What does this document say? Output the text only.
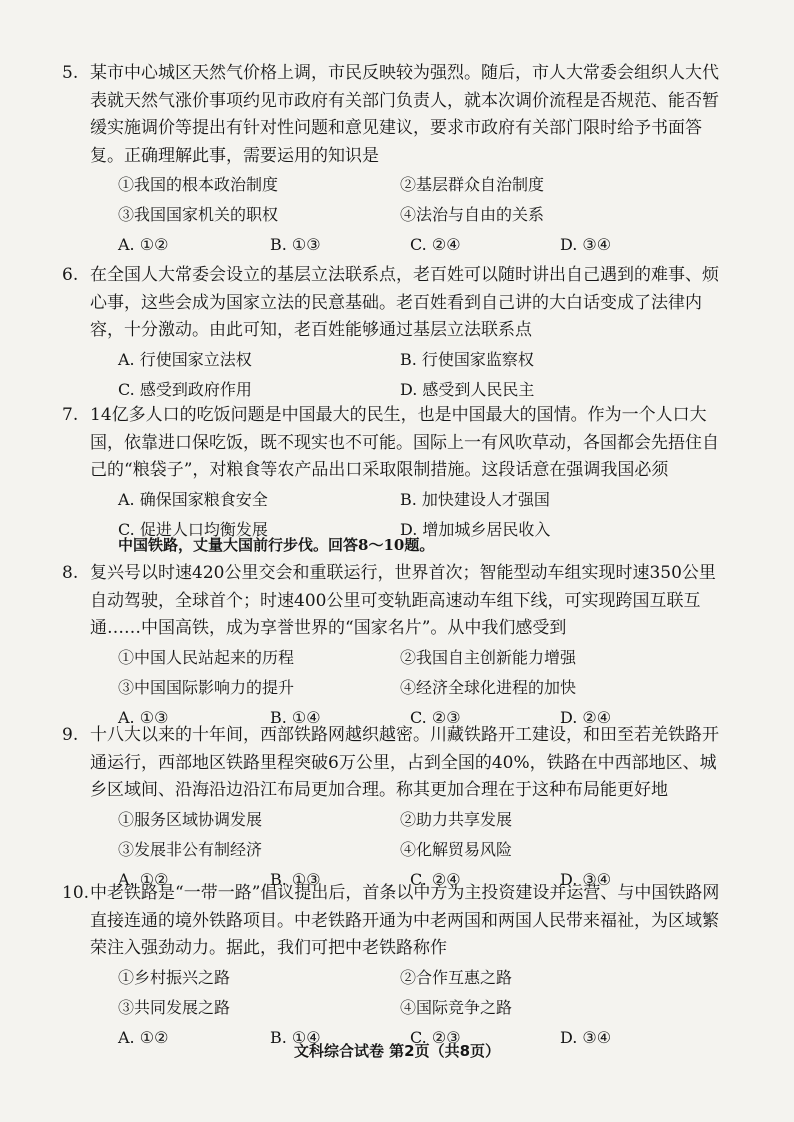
5. 某市中心城区天然气价格上调，市民反映较为强烈。随后，市人大常委会组织人大代表就天然气涨价事项约见市政府有关部门负责人，就本次调价流程是否规范、能否暂缓实施调价等提出有针对性问题和意见建议，要求市政府有关部门限时给予书面答复。正确理解此事，需要运用的知识是

①我国的根本政治制度	②基层群众自治制度
③我国国家机关的职权	④法治与自由的关系
A. ①②	B. ①③	C. ②④	D. ③④

6. 在全国人大常委会设立的基层立法联系点，老百姓可以随时讲出自己遇到的难事、烦心事，这些会成为国家立法的民意基础。老百姓看到自己讲的大白话变成了法律内容，十分激动。由此可知，老百姓能够通过基层立法联系点

A. 行使国家立法权	B. 行使国家监察权
C. 感受到政府作用	D. 感受到人民民主

7. 14亿多人口的吃饭问题是中国最大的民生，也是中国最大的国情。作为一个人口大国，依靠进口保吃饭，既不现实也不可能。国际上一有风吹草动，各国都会先捂住自己的“粮袋子”，对粮食等农产品出口采取限制措施。这段话意在强调我国必须

A. 确保国家粮食安全	B. 加快建设人才强国
C. 促进人口均衡发展	D. 增加城乡居民收入
中国铁路，丈量大国前行步伐。回答8～10题。

8. 复兴号以时速420公里交会和重联运行，世界首次；智能型动车组实现时速350公里自动驾驶，全球首个；时速400公里可变轨距高速动车组下线，可实现跨国互联互通……中国高铁，成为享誉世界的“国家名片”。从中我们感受到

①中国人民站起来的历程	②我国自主创新能力增强
③中国国际影响力的提升	④经济全球化进程的加快
A. ①③	B. ①④	C. ②③	D. ②④

9. 十八大以来的十年间，西部铁路网越织越密。川藏铁路开工建设，和田至若羌铁路开通运行，西部地区铁路里程突破6万公里，占到全国的40%，铁路在中西部地区、城乡区域间、沿海沿边沿江布局更加合理。称其更加合理在于这种布局能更好地

①服务区域协调发展	②助力共享发展
③发展非公有制经济	④化解贸易风险
A. ①②	B. ①③	C. ②④	D. ③④

10.中老铁路是“一带一路”倡议提出后，首条以中方为主投资建设并运营、与中国铁路网直接连通的境外铁路项目。中老铁路开通为中老两国和两国人民带来福祉，为区域繁荣注入强劲动力。据此，我们可把中老铁路称作

①乡村振兴之路	②合作互惠之路
③共同发展之路	④国际竞争之路
A. ①②	B. ①④	C. ②③	D. ③④
文科综合试卷 第2页（共8页）
